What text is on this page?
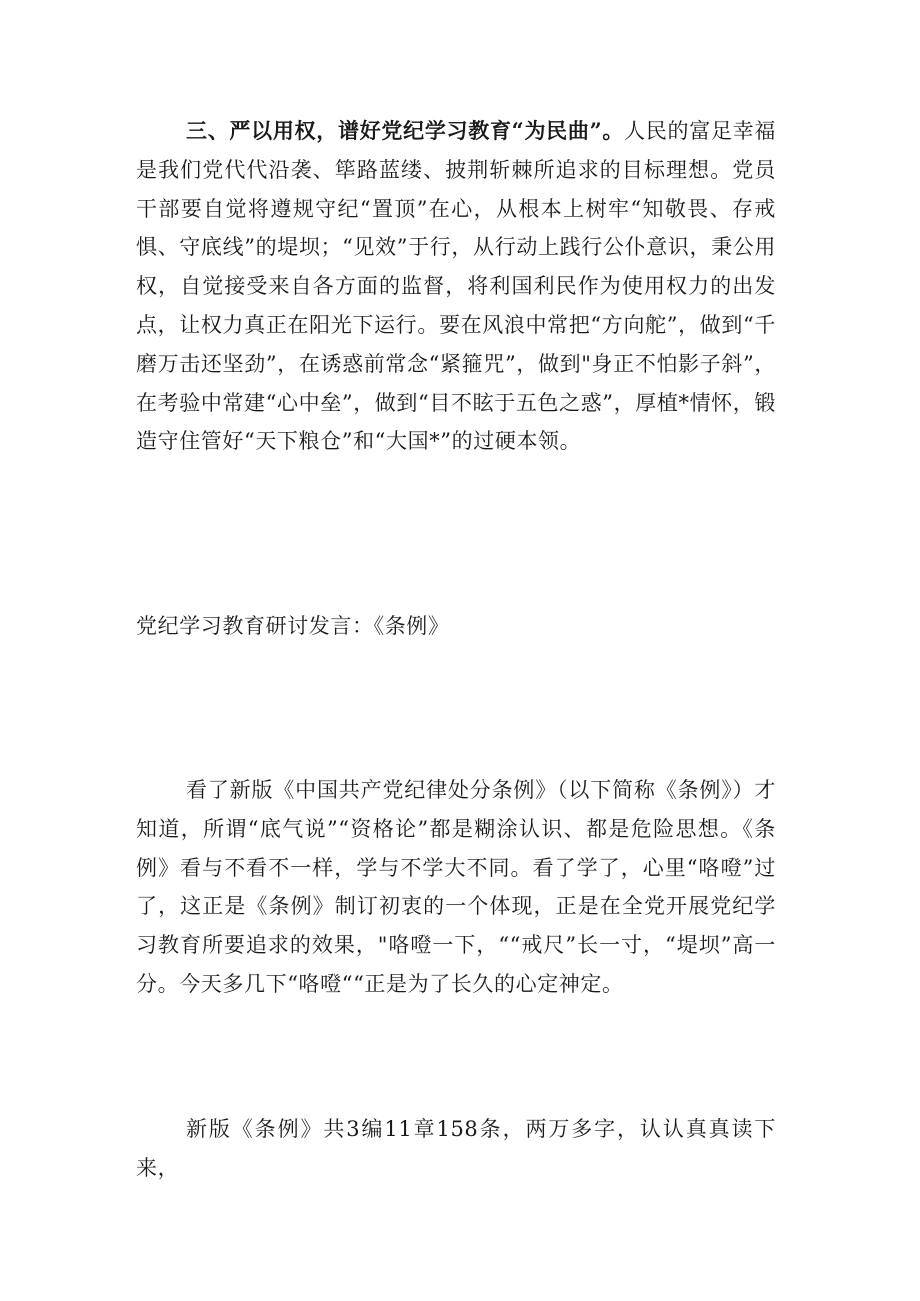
三、严以用权，谱好党纪学习教育“为民曲”。人民的富足幸福是我们党代代沿袭、筚路蓝缕、披荆斩棘所追求的目标理想。党员干部要自觉将遵规守纪“置顶”在心，从根本上树牢“知敬畏、存戒惧、守底线”的堤坝；“见效”于行，从行动上践行公仆意识，秉公用权，自觉接受来自各方面的监督，将利国利民作为使用权力的出发点，让权力真正在阳光下运行。要在风浪中常把“方向舵”，做到“千磨万击还坚劲”，在诱惑前常念“紧箍咒”，做到"身正不怕影子斜”，在考验中常建“心中垒”，做到“目不眩于五色之惑”，厚植*情怀，锻造守住管好“天下粮仓”和“大国*”的过硬本领。

党纪学习教育研讨发言：《条例》

看了新版《中国共产党纪律处分条例》（以下简称《条例》）才知道，所谓“底气说”“资格论”都是糊涂认识、都是危险思想。《条例》看与不看不一样，学与不学大不同。看了学了，心里“咯噔”过了，这正是《条例》制订初衷的一个体现，正是在全党开展党纪学习教育所要追求的效果，"咯噔一下，““戒尺”长一寸，“堤坝”高一分。今天多几下“咯噔““正是为了长久的心定神定。

新版《条例》共3编11章158条，两万多字，认认真真读下来，
